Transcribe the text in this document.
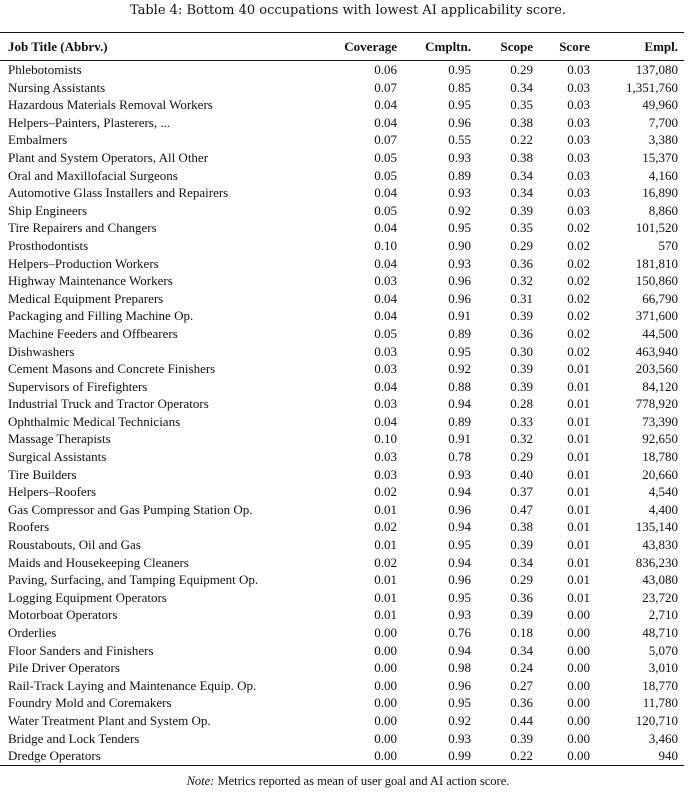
Table 4: Bottom 40 occupations with lowest AI applicability score.
Job Title (Abbrv.)	Coverage	Cmpltn.	Scope	Score	Empl.
Phlebotomists	0.06	0.95	0.29	0.03	137,080
Nursing Assistants	0.07	0.85	0.34	0.03	1,351,760
Hazardous Materials Removal Workers	0.04	0.95	0.35	0.03	49,960
Helpers–Painters, Plasterers, ...	0.04	0.96	0.38	0.03	7,700
Embalmers	0.07	0.55	0.22	0.03	3,380
Plant and System Operators, All Other	0.05	0.93	0.38	0.03	15,370
Oral and Maxillofacial Surgeons	0.05	0.89	0.34	0.03	4,160
Automotive Glass Installers and Repairers	0.04	0.93	0.34	0.03	16,890
Ship Engineers	0.05	0.92	0.39	0.03	8,860
Tire Repairers and Changers	0.04	0.95	0.35	0.02	101,520
Prosthodontists	0.10	0.90	0.29	0.02	570
Helpers–Production Workers	0.04	0.93	0.36	0.02	181,810
Highway Maintenance Workers	0.03	0.96	0.32	0.02	150,860
Medical Equipment Preparers	0.04	0.96	0.31	0.02	66,790
Packaging and Filling Machine Op.	0.04	0.91	0.39	0.02	371,600
Machine Feeders and Offbearers	0.05	0.89	0.36	0.02	44,500
Dishwashers	0.03	0.95	0.30	0.02	463,940
Cement Masons and Concrete Finishers	0.03	0.92	0.39	0.01	203,560
Supervisors of Firefighters	0.04	0.88	0.39	0.01	84,120
Industrial Truck and Tractor Operators	0.03	0.94	0.28	0.01	778,920
Ophthalmic Medical Technicians	0.04	0.89	0.33	0.01	73,390
Massage Therapists	0.10	0.91	0.32	0.01	92,650
Surgical Assistants	0.03	0.78	0.29	0.01	18,780
Tire Builders	0.03	0.93	0.40	0.01	20,660
Helpers–Roofers	0.02	0.94	0.37	0.01	4,540
Gas Compressor and Gas Pumping Station Op.	0.01	0.96	0.47	0.01	4,400
Roofers	0.02	0.94	0.38	0.01	135,140
Roustabouts, Oil and Gas	0.01	0.95	0.39	0.01	43,830
Maids and Housekeeping Cleaners	0.02	0.94	0.34	0.01	836,230
Paving, Surfacing, and Tamping Equipment Op.	0.01	0.96	0.29	0.01	43,080
Logging Equipment Operators	0.01	0.95	0.36	0.01	23,720
Motorboat Operators	0.01	0.93	0.39	0.00	2,710
Orderlies	0.00	0.76	0.18	0.00	48,710
Floor Sanders and Finishers	0.00	0.94	0.34	0.00	5,070
Pile Driver Operators	0.00	0.98	0.24	0.00	3,010
Rail-Track Laying and Maintenance Equip. Op.	0.00	0.96	0.27	0.00	18,770
Foundry Mold and Coremakers	0.00	0.95	0.36	0.00	11,780
Water Treatment Plant and System Op.	0.00	0.92	0.44	0.00	120,710
Bridge and Lock Tenders	0.00	0.93	0.39	0.00	3,460
Dredge Operators	0.00	0.99	0.22	0.00	940
Note: Metrics reported as mean of user goal and AI action score.
